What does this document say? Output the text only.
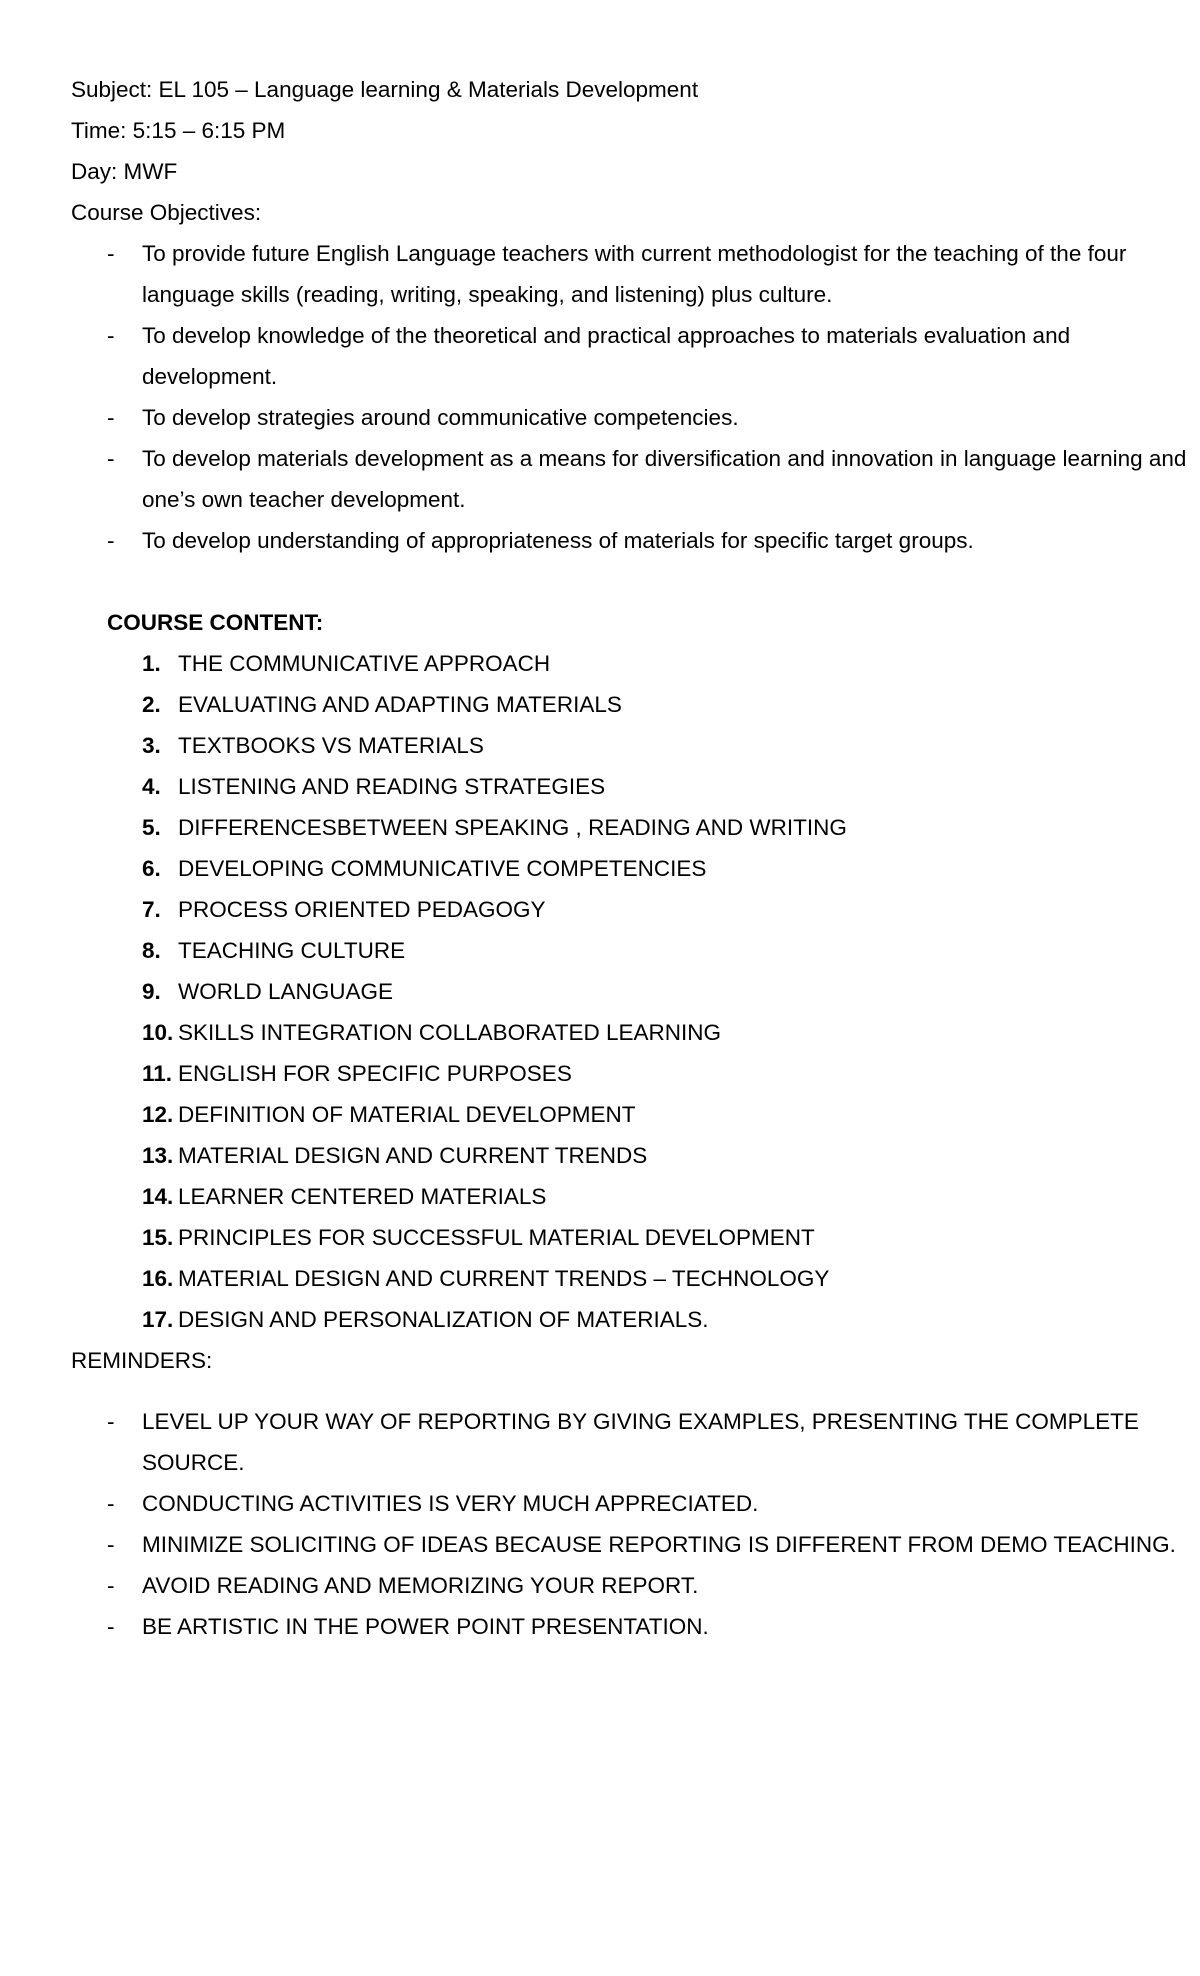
Subject: EL 105 – Language learning & Materials Development
Time: 5:15 – 6:15 PM
Day: MWF
Course Objectives:
- To provide future English Language teachers with current methodologist for the teaching of the four language skills (reading, writing, speaking, and listening) plus culture.
- To develop knowledge of the theoretical and practical approaches to materials evaluation and development.
- To develop strategies around communicative competencies.
- To develop materials development as a means for diversification and innovation in language learning and one’s own teacher development.
- To develop understanding of appropriateness of materials for specific target groups.
COURSE CONTENT:
1. THE COMMUNICATIVE APPROACH
2. EVALUATING AND ADAPTING MATERIALS
3. TEXTBOOKS VS MATERIALS
4. LISTENING AND READING STRATEGIES
5. DIFFERENCESBETWEEN SPEAKING , READING AND WRITING
6. DEVELOPING COMMUNICATIVE COMPETENCIES
7. PROCESS ORIENTED PEDAGOGY
8. TEACHING CULTURE
9. WORLD LANGUAGE
10. SKILLS INTEGRATION COLLABORATED LEARNING
11. ENGLISH FOR SPECIFIC PURPOSES
12. DEFINITION OF MATERIAL DEVELOPMENT
13. MATERIAL DESIGN AND CURRENT TRENDS
14. LEARNER CENTERED MATERIALS
15. PRINCIPLES FOR SUCCESSFUL MATERIAL DEVELOPMENT
16. MATERIAL DESIGN AND CURRENT TRENDS – TECHNOLOGY
17. DESIGN AND PERSONALIZATION OF MATERIALS.
REMINDERS:
- LEVEL UP YOUR WAY OF REPORTING BY GIVING EXAMPLES, PRESENTING THE COMPLETE SOURCE.
- CONDUCTING ACTIVITIES IS VERY MUCH APPRECIATED.
- MINIMIZE SOLICITING OF IDEAS BECAUSE REPORTING IS DIFFERENT FROM DEMO TEACHING.
- AVOID READING AND MEMORIZING YOUR REPORT.
- BE ARTISTIC IN THE POWER POINT PRESENTATION.
